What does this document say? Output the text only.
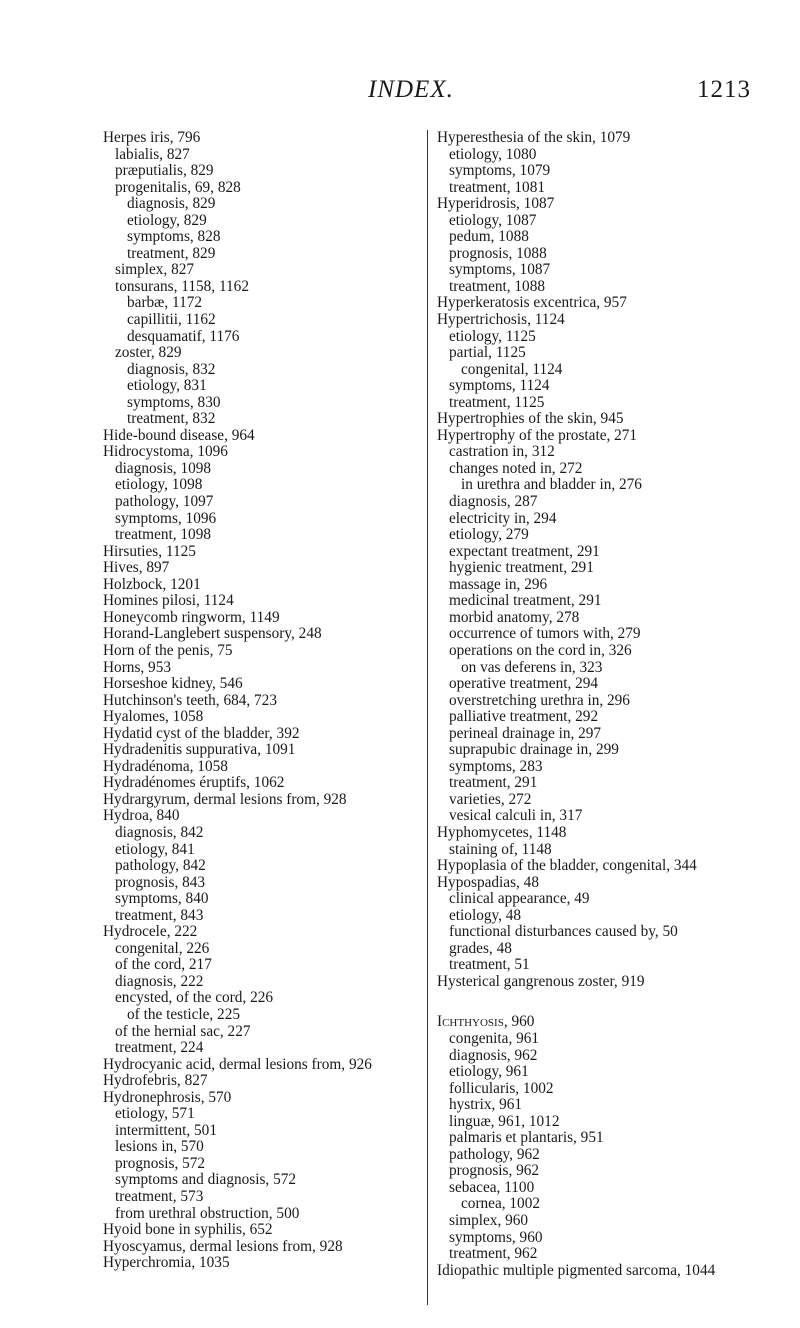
INDEX.	1213
Herpes iris, 796
labialis, 827
præputialis, 829
progenitalis, 69, 828
diagnosis, 829
etiology, 829
symptoms, 828
treatment, 829
simplex, 827
tonsurans, 1158, 1162
barbæ, 1172
capillitii, 1162
desquamatif, 1176
zoster, 829
diagnosis, 832
etiology, 831
symptoms, 830
treatment, 832
Hide-bound disease, 964
Hidrocystoma, 1096
diagnosis, 1098
etiology, 1098
pathology, 1097
symptoms, 1096
treatment, 1098
Hirsuties, 1125
Hives, 897
Holzbock, 1201
Homines pilosi, 1124
Honeycomb ringworm, 1149
Horand-Langlebert suspensory, 248
Horn of the penis, 75
Horns, 953
Horseshoe kidney, 546
Hutchinson's teeth, 684, 723
Hyalomes, 1058
Hydatid cyst of the bladder, 392
Hydradenitis suppurativa, 1091
Hydradénoma, 1058
Hydradénomes éruptifs, 1062
Hydrargyrum, dermal lesions from, 928
Hydroa, 840
diagnosis, 842
etiology, 841
pathology, 842
prognosis, 843
symptoms, 840
treatment, 843
Hydrocele, 222
congenital, 226
of the cord, 217
diagnosis, 222
encysted, of the cord, 226
of the testicle, 225
of the hernial sac, 227
treatment, 224
Hydrocyanic acid, dermal lesions from, 926
Hydrofebris, 827
Hydronephrosis, 570
etiology, 571
intermittent, 501
lesions in, 570
prognosis, 572
symptoms and diagnosis, 572
treatment, 573
from urethral obstruction, 500
Hyoid bone in syphilis, 652
Hyoscyamus, dermal lesions from, 928
Hyperchromia, 1035
Hyperesthesia of the skin, 1079
etiology, 1080
symptoms, 1079
treatment, 1081
Hyperidrosis, 1087
etiology, 1087
pedum, 1088
prognosis, 1088
symptoms, 1087
treatment, 1088
Hyperkeratosis excentrica, 957
Hypertrichosis, 1124
etiology, 1125
partial, 1125
congenital, 1124
symptoms, 1124
treatment, 1125
Hypertrophies of the skin, 945
Hypertrophy of the prostate, 271
castration in, 312
changes noted in, 272
in urethra and bladder in, 276
diagnosis, 287
electricity in, 294
etiology, 279
expectant treatment, 291
hygienic treatment, 291
massage in, 296
medicinal treatment, 291
morbid anatomy, 278
occurrence of tumors with, 279
operations on the cord in, 326
on vas deferens in, 323
operative treatment, 294
overstretching urethra in, 296
palliative treatment, 292
perineal drainage in, 297
suprapubic drainage in, 299
symptoms, 283
treatment, 291
varieties, 272
vesical calculi in, 317
Hyphomycetes, 1148
staining of, 1148
Hypoplasia of the bladder, congenital, 344
Hypospadias, 48
clinical appearance, 49
etiology, 48
functional disturbances caused by, 50
grades, 48
treatment, 51
Hysterical gangrenous zoster, 919
Ichthyosis, 960
congenita, 961
diagnosis, 962
etiology, 961
follicularis, 1002
hystrix, 961
linguæ, 961, 1012
palmaris et plantaris, 951
pathology, 962
prognosis, 962
sebacea, 1100
cornea, 1002
simplex, 960
symptoms, 960
treatment, 962
Idiopathic multiple pigmented sarcoma, 1044
